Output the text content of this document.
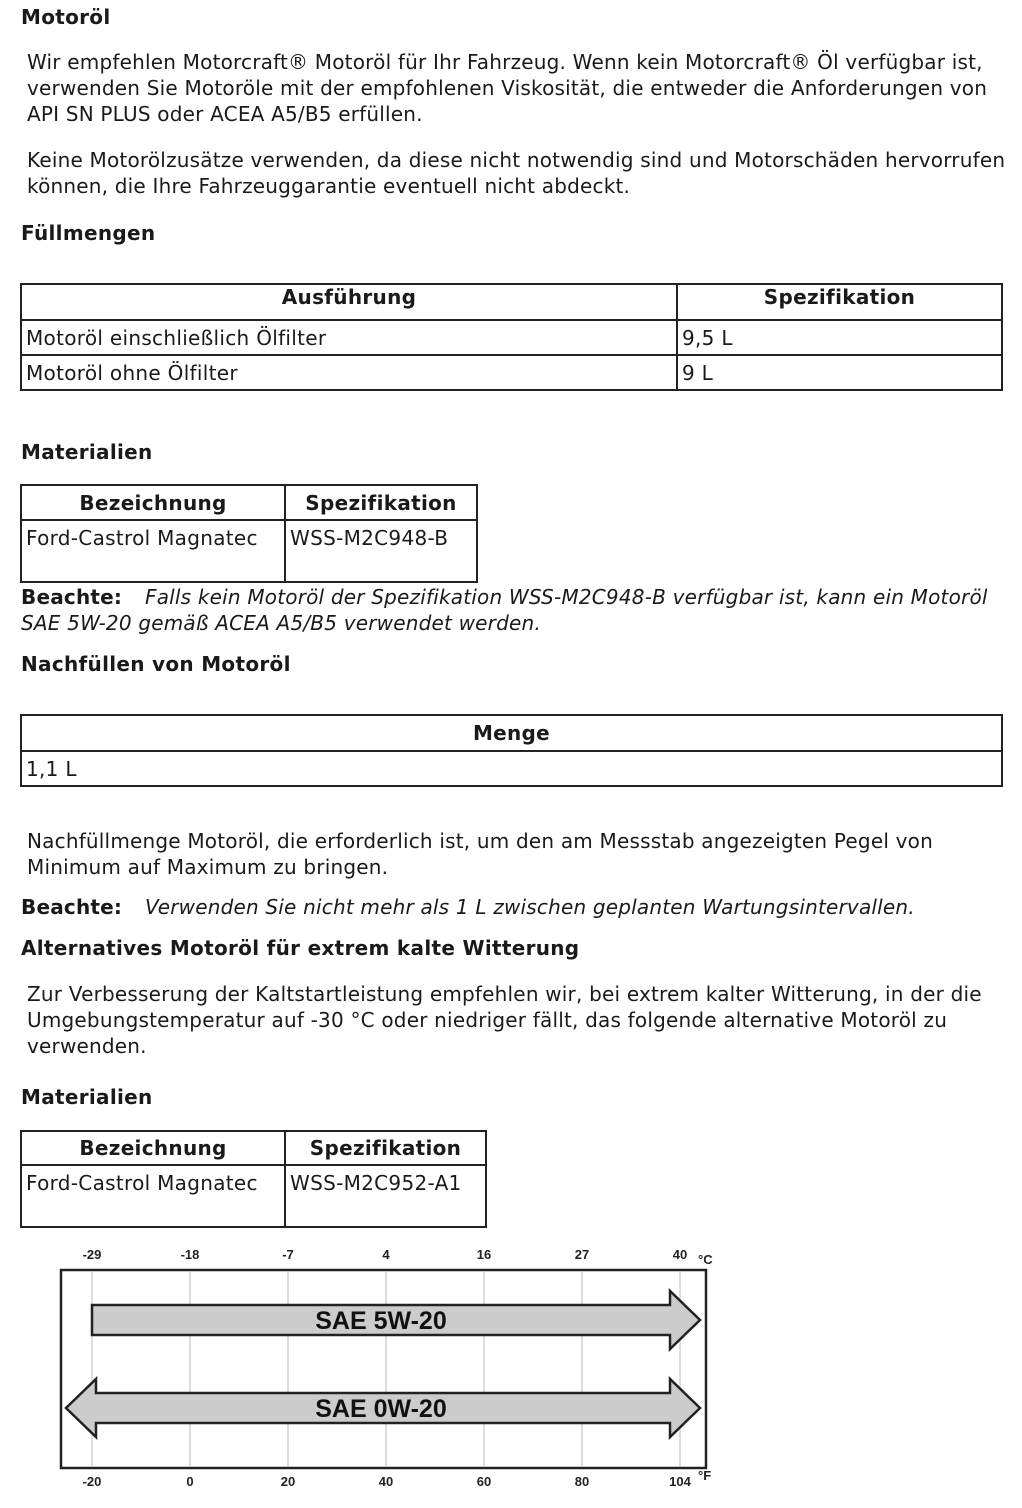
Motoröl
Wir empfehlen Motorcraft® Motoröl für Ihr Fahrzeug. Wenn kein Motorcraft® Öl verfügbar ist, verwenden Sie Motoröle mit der empfohlenen Viskosität, die entweder die Anforderungen von API SN PLUS oder ACEA A5/B5 erfüllen.
Keine Motorölzusätze verwenden, da diese nicht notwendig sind und Motorschäden hervorrufen können, die Ihre Fahrzeuggarantie eventuell nicht abdeckt.
Füllmengen
Ausführung	Spezifikation
Motoröl einschließlich Ölfilter	9,5 L
Motoröl ohne Ölfilter	9 L
Materialien
Bezeichnung	Spezifikation
Ford-Castrol Magnatec	WSS-M2C948-B
Beachte: Falls kein Motoröl der Spezifikation WSS-M2C948-B verfügbar ist, kann ein Motoröl SAE 5W-20 gemäß ACEA A5/B5 verwendet werden.
Nachfüllen von Motoröl
Menge
1,1 L
Nachfüllmenge Motoröl, die erforderlich ist, um den am Messstab angezeigten Pegel von Minimum auf Maximum zu bringen.
Beachte: Verwenden Sie nicht mehr als 1 L zwischen geplanten Wartungsintervallen.
Alternatives Motoröl für extrem kalte Witterung
Zur Verbesserung der Kaltstartleistung empfehlen wir, bei extrem kalter Witterung, in der die Umgebungstemperatur auf -30 °C oder niedriger fällt, das folgende alternative Motoröl zu verwenden.
Materialien
Bezeichnung	Spezifikation
Ford-Castrol Magnatec	WSS-M2C952-A1
-29	-18	-7	4	16	27	40
-20	0	20	40	60	80	104
°C
°F
SAE 5W-20
SAE 0W-20
